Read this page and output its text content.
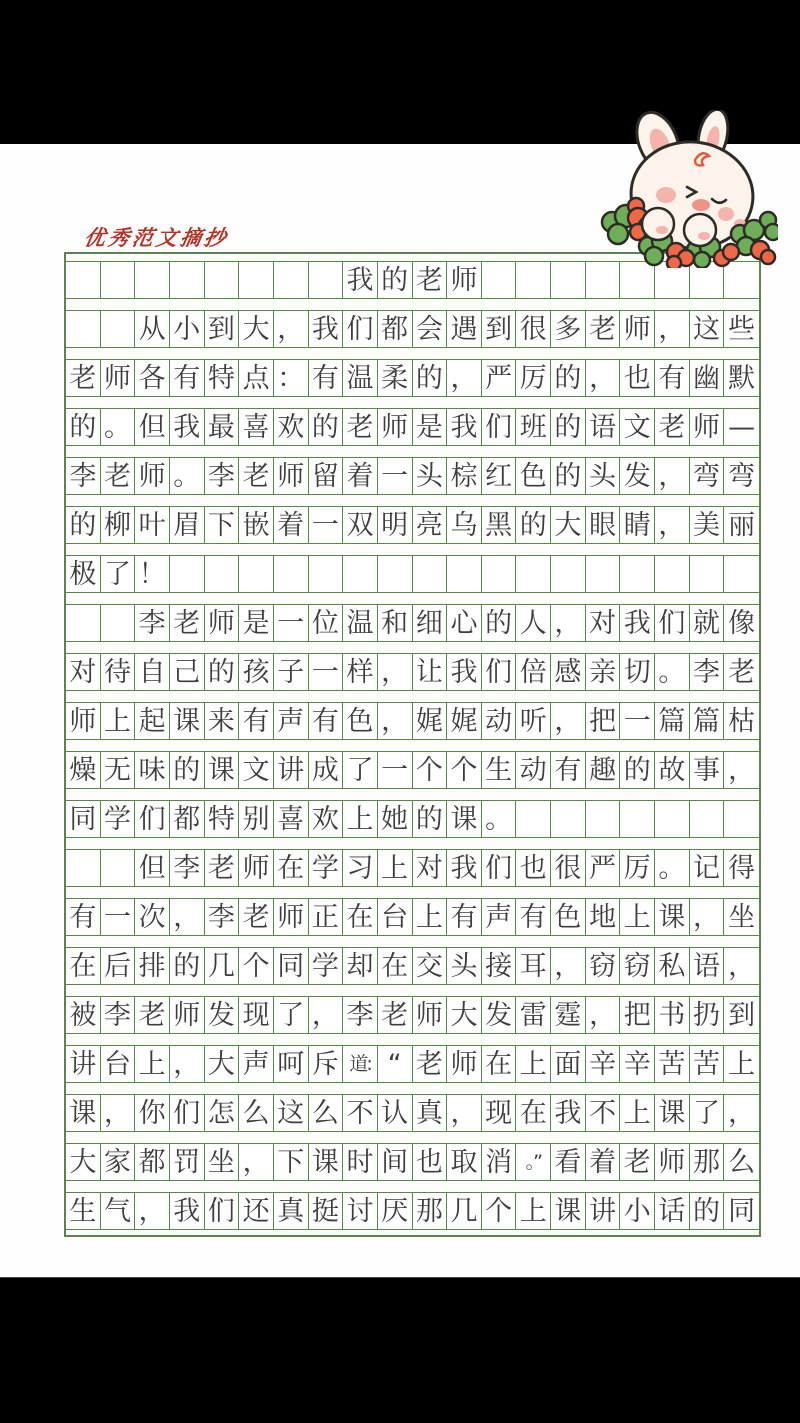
优秀范文摘抄
我 的 老 师
从 小 到 大 ， 我 们 都 会 遇 到 很 多 老 师 ， 这 些
老 师 各 有 特 点 ： 有 温 柔 的 ， 严 厉 的 ， 也 有 幽 默
的 。 但 我 最 喜 欢 的 老 师 是 我 们 班 的 语 文 老 师 —
李 老 师 。 李 老 师 留 着 一 头 棕 红 色 的 头 发 ， 弯 弯
的 柳 叶 眉 下 嵌 着 一 双 明 亮 乌 黑 的 大 眼 睛 ， 美 丽
极 了 ！
李 老 师 是 一 位 温 和 细 心 的 人 ， 对 我 们 就 像
对 待 自 己 的 孩 子 一 样 ， 让 我 们 倍 感 亲 切 。 李 老
师 上 起 课 来 有 声 有 色 ， 娓 娓 动 听 ， 把 一 篇 篇 枯
燥 无 味 的 课 文 讲 成 了 一 个 个 生 动 有 趣 的 故 事 ，
同 学 们 都 特 别 喜 欢 上 她 的 课 。
但 李 老 师 在 学 习 上 对 我 们 也 很 严 厉 。 记 得
有 一 次 ， 李 老 师 正 在 台 上 有 声 有 色 地 上 课 ， 坐
在 后 排 的 几 个 同 学 却 在 交 头 接 耳 ， 窃 窃 私 语 ，
被 李 老 师 发 现 了 ， 李 老 师 大 发 雷 霆 ， 把 书 扔 到
讲 台 上 ， 大 声 呵 斥 道: “ 老 师 在 上 面 辛 辛 苦 苦 上
课 ， 你 们 怎 么 这 么 不 认 真 ， 现 在 我 不 上 课 了 ，
大 家 都 罚 坐 ， 下 课 时 间 也 取 消 。” 看 着 老 师 那 么
生 气 ， 我 们 还 真 挺 讨 厌 那 几 个 上 课 讲 小 话 的 同
